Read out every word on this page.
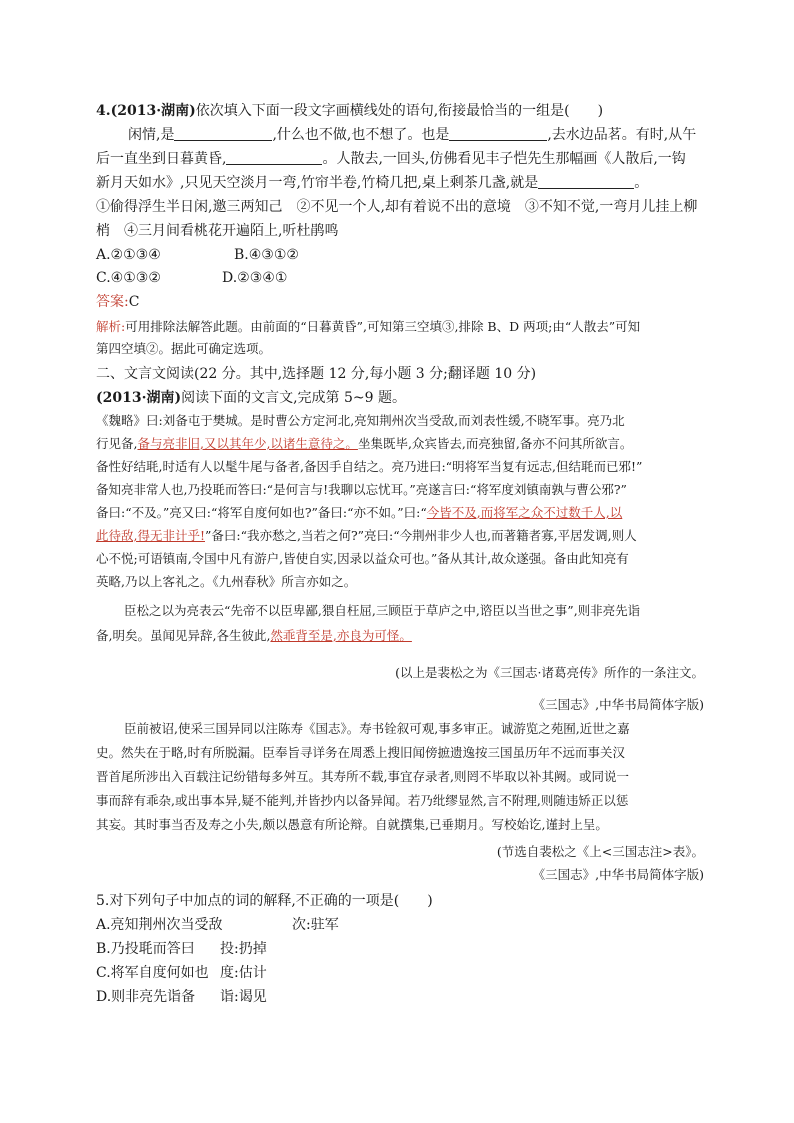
4.(2013·湖南)依次填入下面一段文字画横线处的语句,衔接最恰当的一组是(　　)
闲情,是	,什么也不做,也不想了。也是	,去水边品茗。有时,从午
后一直坐到日暮黄昏,	。人散去,一回头,仿佛看见丰子恺先生那幅画《人散后,一钩
新月天如水》,只见天空淡月一弯,竹帘半卷,竹椅几把,桌上剩茶几盏,就是	。
①偷得浮生半日闲,邀三两知己　②不见一个人,却有着说不出的意境　③不知不觉,一弯月儿挂上柳
梢　④三月间看桃花开遍陌上,听杜鹃鸣
A.②①③④	B.④③①②
C.④①③②	D.②③④①
答案:C
解析:可用排除法解答此题。由前面的“日暮黄昏”,可知第三空填③,排除 B、D 两项;由“人散去”可知
第四空填②。据此可确定选项。
二、文言文阅读(22 分。其中,选择题 12 分,每小题 3 分;翻译题 10 分)
(2013·湖南)阅读下面的文言文,完成第 5~9 题。
《魏略》曰:刘备屯于樊城。是时曹公方定河北,亮知荆州次当受敌,而刘表性缓,不晓军事。亮乃北
行见备,备与亮非旧,又以其年少,以诸生意待之。坐集既毕,众宾皆去,而亮独留,备亦不问其所欲言。
备性好结毦,时适有人以髦牛尾与备者,备因手自结之。亮乃进曰:“明将军当复有远志,但结毦而已邪!”
备知亮非常人也,乃投毦而答曰:“是何言与!我聊以忘忧耳。”亮遂言曰:“将军度刘镇南孰与曹公邪?”
备曰:“不及。”亮又曰:“将军自度何如也?”备曰:“亦不如。”曰:“今皆不及,而将军之众不过数千人,以
此待敌,得无非计乎!”备曰:“我亦愁之,当若之何?”亮曰:“今荆州非少人也,而著籍者寡,平居发调,则人
心不悦;可语镇南,令国中凡有游户,皆使自实,因录以益众可也。”备从其计,故众遂强。备由此知亮有
英略,乃以上客礼之。《九州春秋》所言亦如之。
臣松之以为亮表云“先帝不以臣卑鄙,猥自枉屈,三顾臣于草庐之中,谘臣以当世之事”,则非亮先诣
备,明矣。虽闻见异辞,各生彼此,然乖背至是,亦良为可怪。
(以上是裴松之为《三国志·诸葛亮传》所作的一条注文。
《三国志》,中华书局简体字版)
臣前被诏,使采三国异同以注陈寿《国志》。寿书铨叙可观,事多审正。诚游览之苑囿,近世之嘉
史。然失在于略,时有所脱漏。臣奉旨寻详务在周悉上搜旧闻傍摭遗逸按三国虽历年不远而事关汉
晋首尾所涉出入百载注记纷错每多舛互。其寿所不载,事宜存录者,则罔不毕取以补其阙。或同说一
事而辞有乖杂,或出事本异,疑不能判,并皆抄内以备异闻。若乃纰缪显然,言不附理,则随违矫正以惩
其妄。其时事当否及寿之小失,颇以愚意有所论辩。自就撰集,已垂期月。写校始讫,谨封上呈。
(节选自裴松之《上<三国志注>表》。
《三国志》,中华书局简体字版)
5.对下列句子中加点的词的解释,不正确的一项是(　　)
A.亮知荆州次当受敌	次:驻军
B.乃投毦而答曰 投:扔掉
C.将军自度何如也 度:估计
D.则非亮先诣备 诣:谒见
